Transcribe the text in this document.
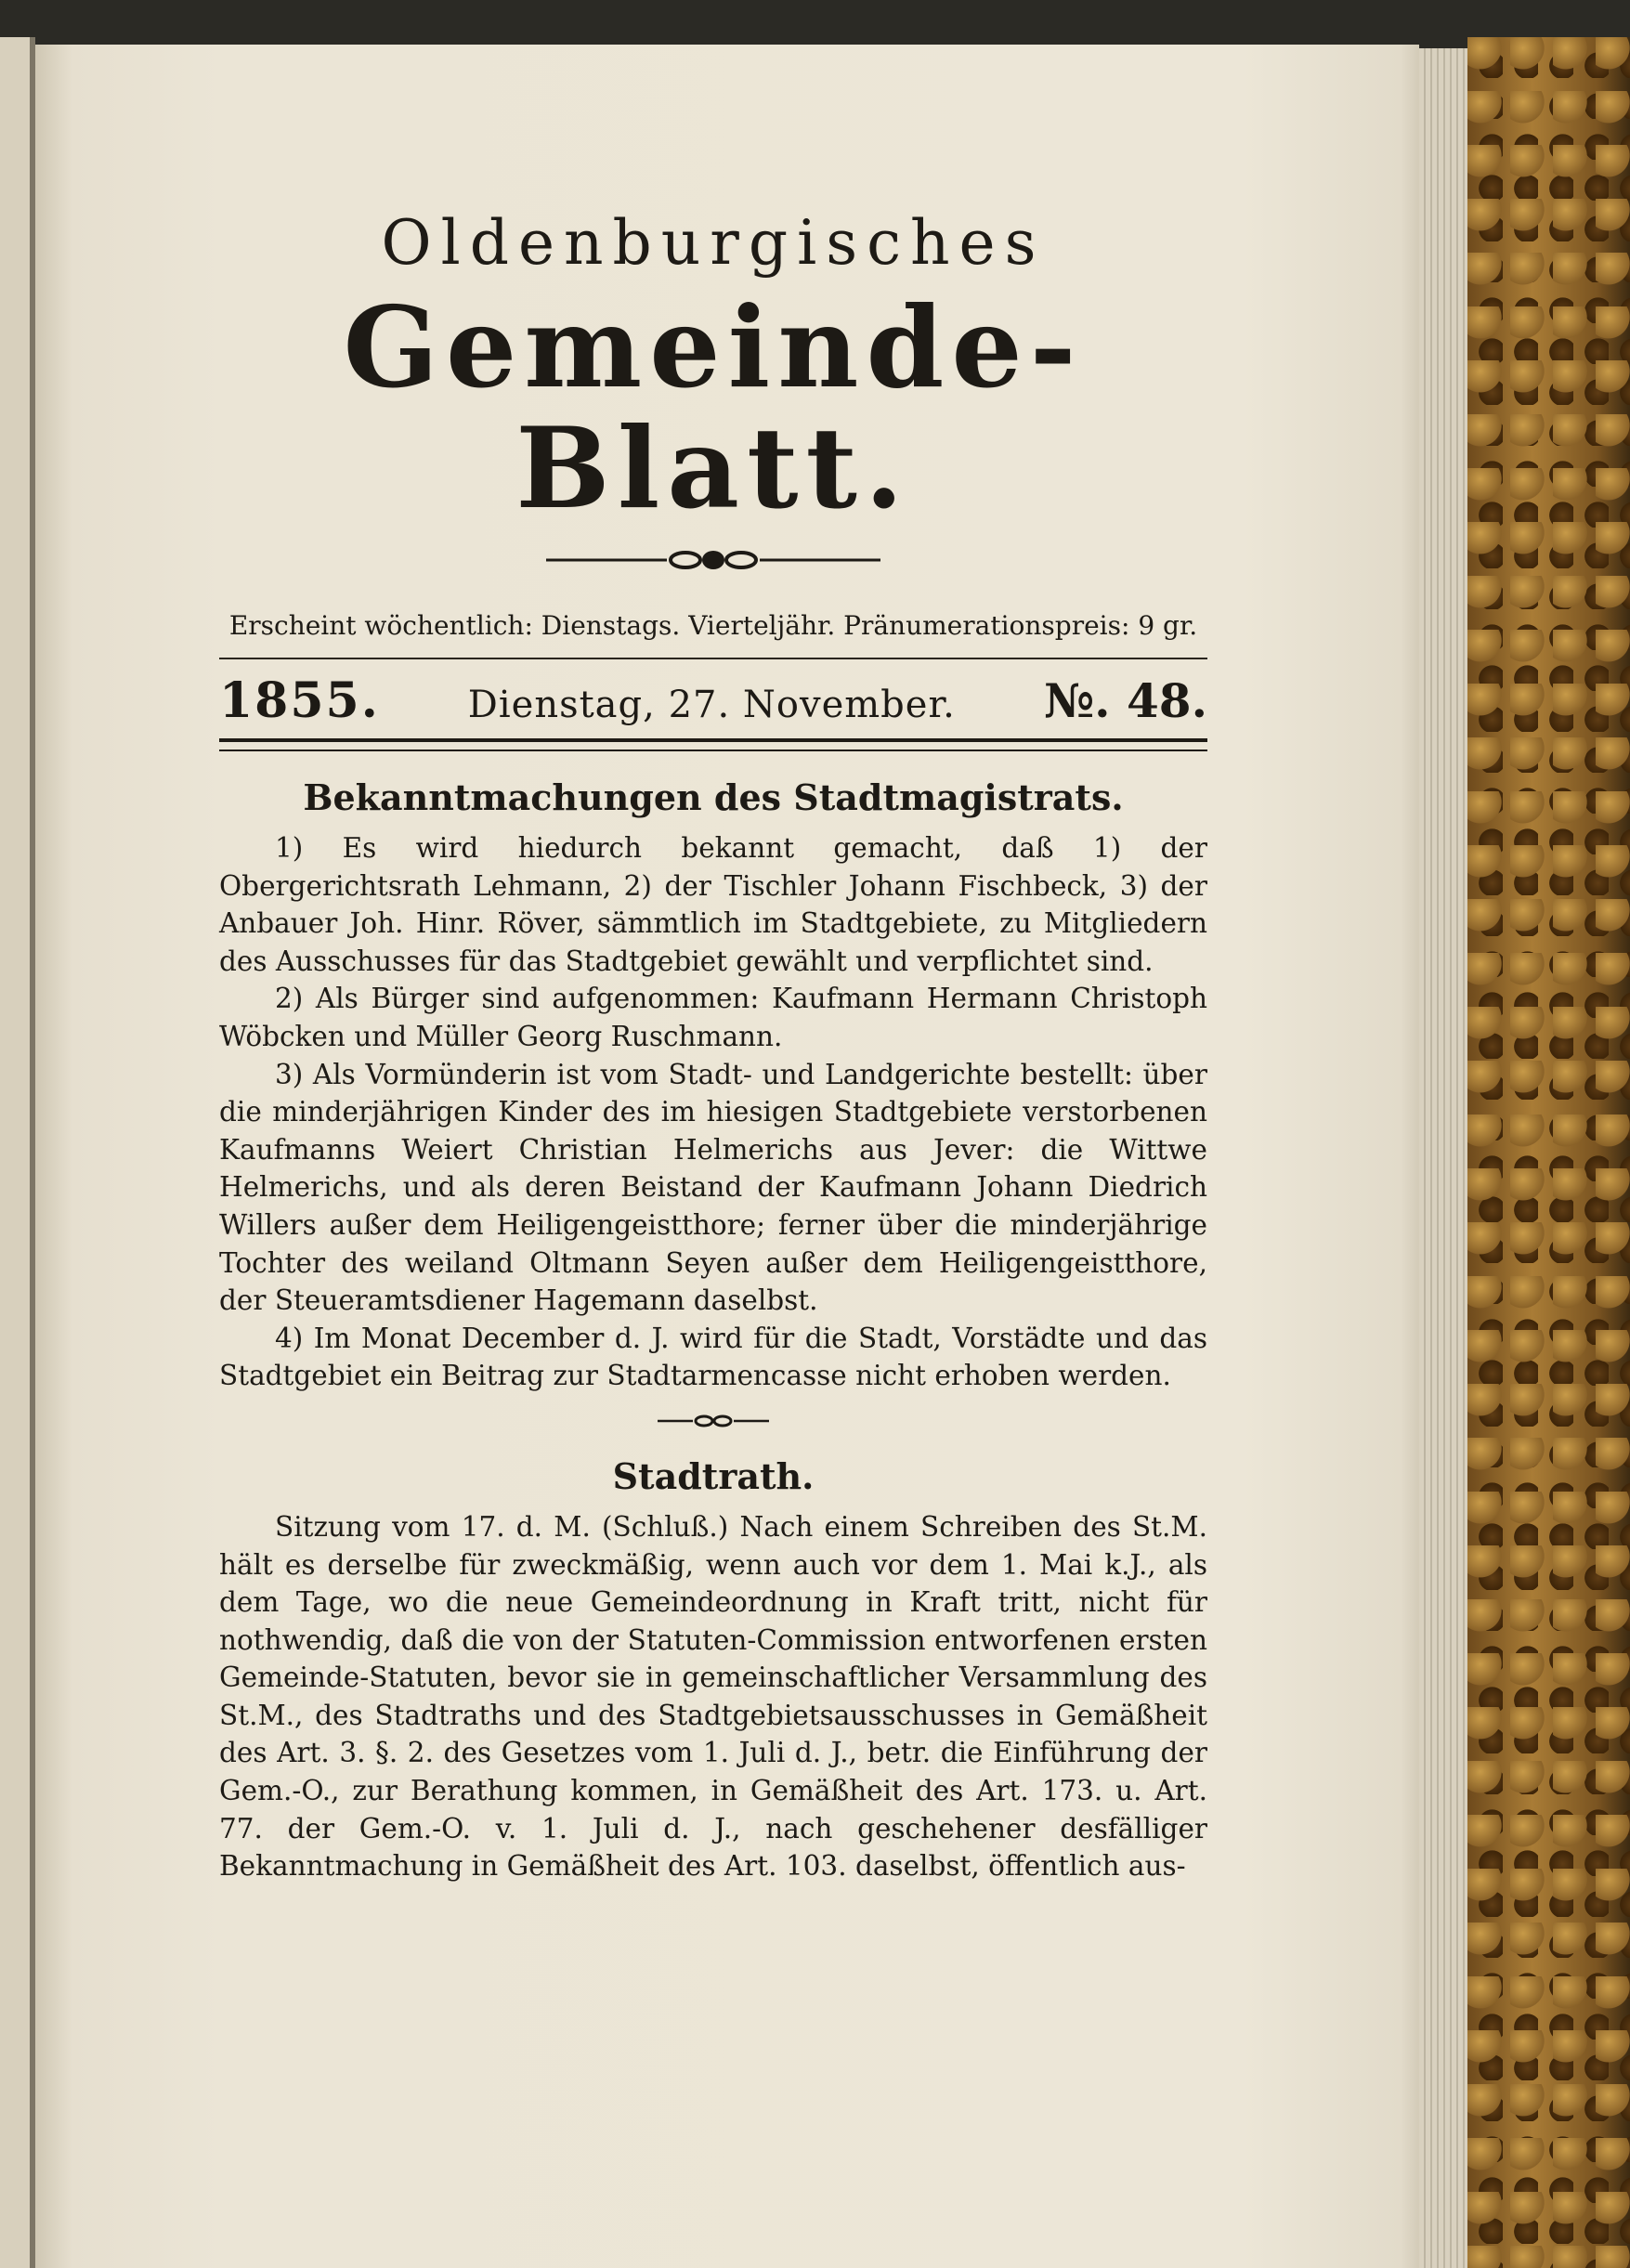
Oldenburgisches
Gemeinde-Blatt.

Erscheint wöchentlich: Dienstags. Vierteljähr. Pränumerationspreis: 9 gr.

1855. Dienstag, 27. November. №. 48.
Bekanntmachungen des Stadtmagistrats.

1) Es wird hiedurch bekannt gemacht, daß 1) der Obergerichtsrath Lehmann, 2) der Tischler Johann Fischbeck, 3) der Anbauer Joh. Hinr. Röver, sämmtlich im Stadtgebiete, zu Mitgliedern des Ausschusses für das Stadtgebiet gewählt und verpflichtet sind.

2) Als Bürger sind aufgenommen: Kaufmann Hermann Christoph Wöbcken und Müller Georg Ruschmann.

3) Als Vormünderin ist vom Stadt- und Landgerichte bestellt: über die minderjährigen Kinder des im hiesigen Stadtgebiete verstorbenen Kaufmanns Weiert Christian Helmerichs aus Jever: die Wittwe Helmerichs, und als deren Beistand der Kaufmann Johann Diedrich Willers außer dem Heiligengeistthore; ferner über die minderjährige Tochter des weiland Oltmann Seyen außer dem Heiligengeistthore, der Steueramtsdiener Hagemann daselbst.

4) Im Monat December d. J. wird für die Stadt, Vorstädte und das Stadtgebiet ein Beitrag zur Stadtarmencasse nicht erhoben werden.

Stadtrath.

Sitzung vom 17. d. M. (Schluß.) Nach einem Schreiben des St.M. hält es derselbe für zweckmäßig, wenn auch vor dem 1. Mai k.J., als dem Tage, wo die neue Gemeindeordnung in Kraft tritt, nicht für nothwendig, daß die von der Statuten-Commission entworfenen ersten Gemeinde-Statuten, bevor sie in gemeinschaftlicher Versammlung des St.M., des Stadtraths und des Stadtgebietsausschusses in Gemäßheit des Art. 3. §. 2. des Gesetzes vom 1. Juli d. J., betr. die Einführung der Gem.-O., zur Berathung kommen, in Gemäßheit des Art. 173. u. Art. 77. der Gem.-O. v. 1. Juli d. J., nach geschehener desfälliger Bekanntmachung in Gemäßheit des Art. 103. daselbst, öffentlich aus-
